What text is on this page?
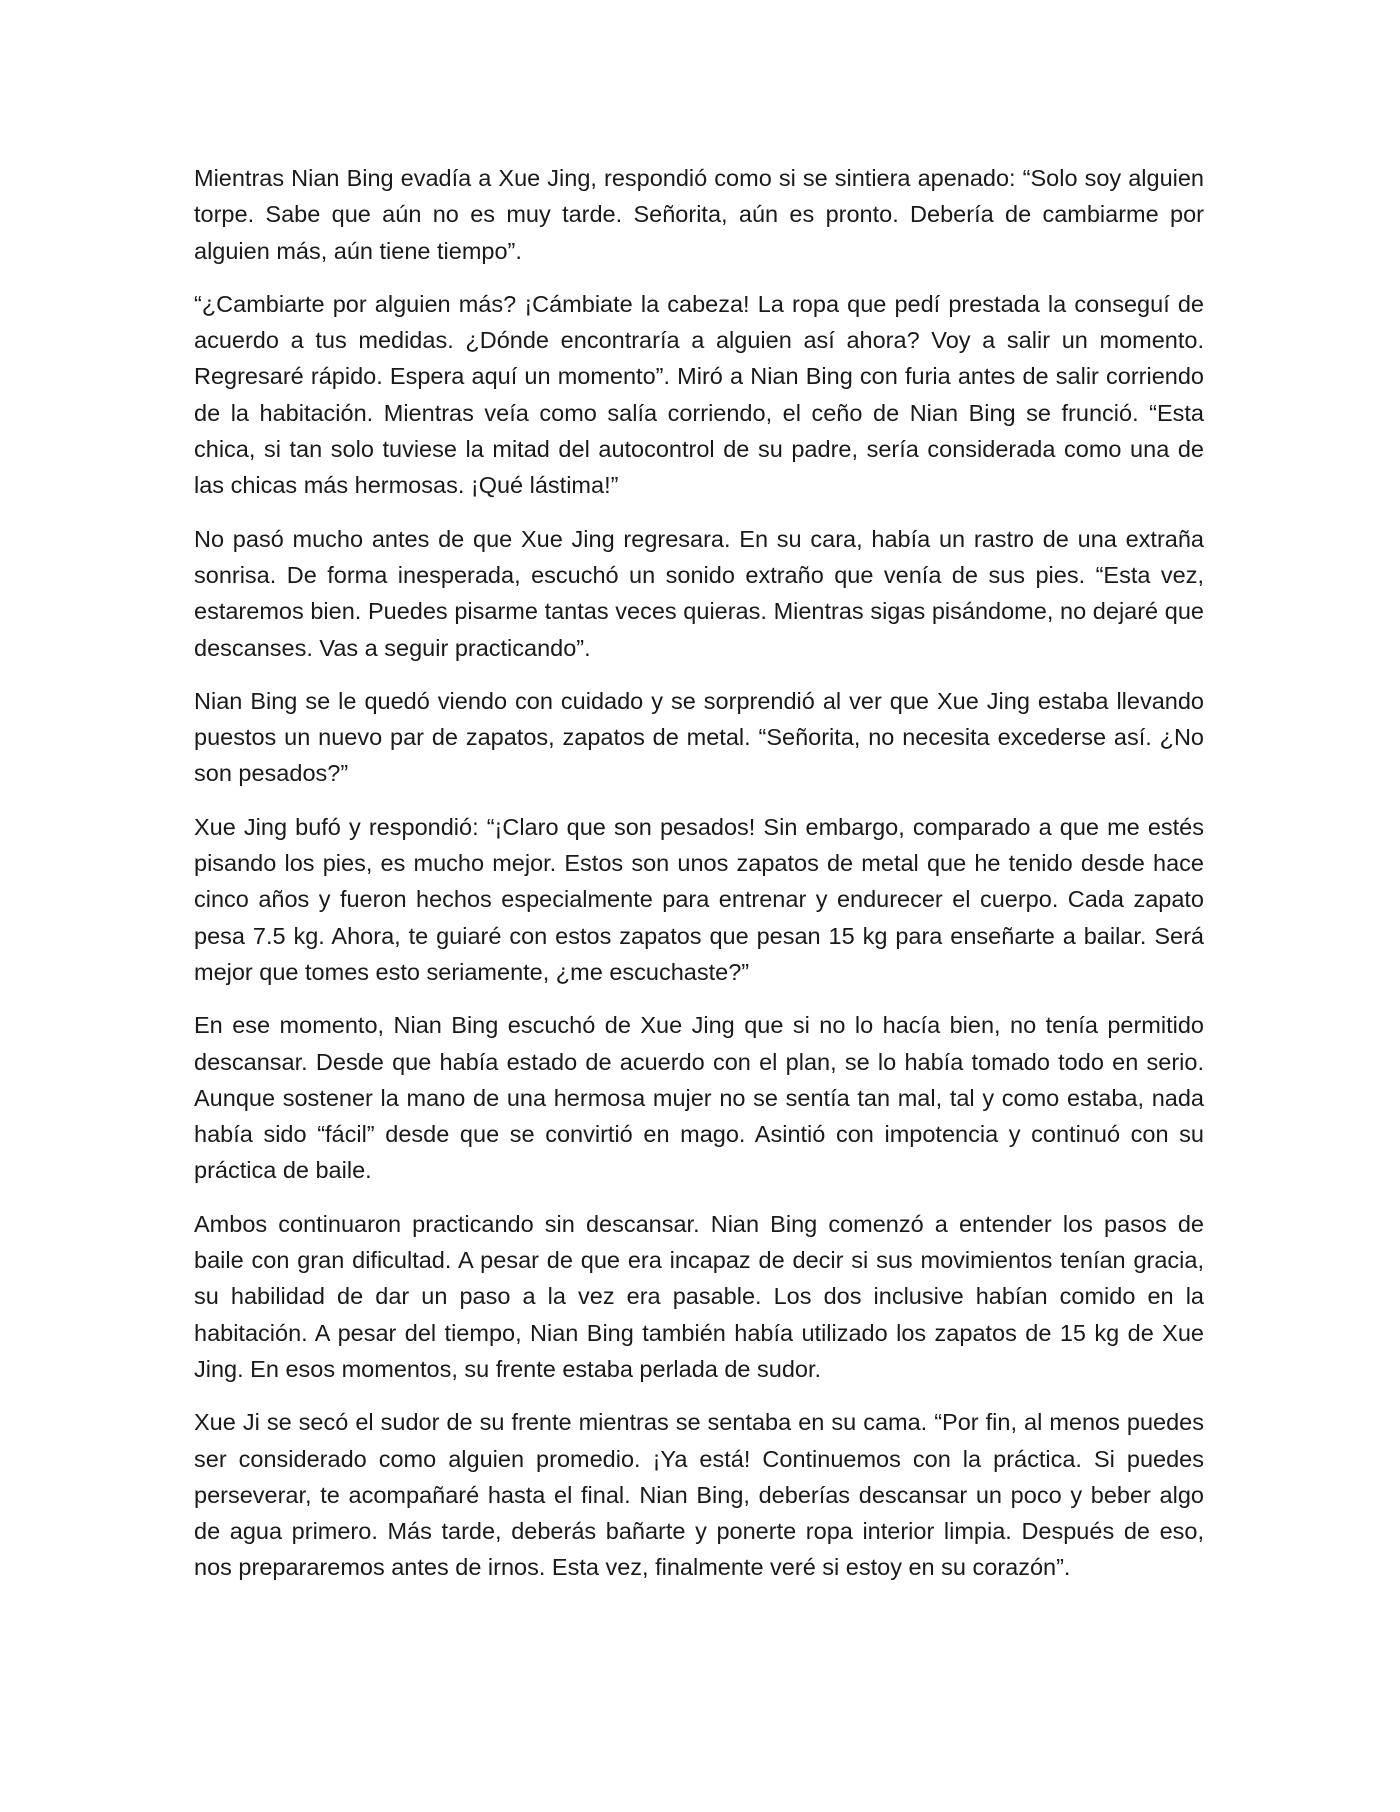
Mientras Nian Bing evadía a Xue Jing, respondió como si se sintiera apenado: “Solo soy alguien torpe. Sabe que aún no es muy tarde. Señorita, aún es pronto. Debería de cambiarme por alguien más, aún tiene tiempo”.

“¿Cambiarte por alguien más? ¡Cámbiate la cabeza! La ropa que pedí prestada la conseguí de acuerdo a tus medidas. ¿Dónde encontraría a alguien así ahora? Voy a salir un momento. Regresaré rápido. Espera aquí un momento”. Miró a Nian Bing con furia antes de salir corriendo de la habitación. Mientras veía como salía corriendo, el ceño de Nian Bing se frunció. “Esta chica, si tan solo tuviese la mitad del autocontrol de su padre, sería considerada como una de las chicas más hermosas. ¡Qué lástima!”

No pasó mucho antes de que Xue Jing regresara. En su cara, había un rastro de una extraña sonrisa. De forma inesperada, escuchó un sonido extraño que venía de sus pies. “Esta vez, estaremos bien. Puedes pisarme tantas veces quieras. Mientras sigas pisándome, no dejaré que descanses. Vas a seguir practicando”.

Nian Bing se le quedó viendo con cuidado y se sorprendió al ver que Xue Jing estaba llevando puestos un nuevo par de zapatos, zapatos de metal. “Señorita, no necesita excederse así. ¿No son pesados?”

Xue Jing bufó y respondió: “¡Claro que son pesados! Sin embargo, comparado a que me estés pisando los pies, es mucho mejor. Estos son unos zapatos de metal que he tenido desde hace cinco años y fueron hechos especialmente para entrenar y endurecer el cuerpo. Cada zapato pesa 7.5 kg. Ahora, te guiaré con estos zapatos que pesan 15 kg para enseñarte a bailar. Será mejor que tomes esto seriamente, ¿me escuchaste?”

En ese momento, Nian Bing escuchó de Xue Jing que si no lo hacía bien, no tenía permitido descansar. Desde que había estado de acuerdo con el plan, se lo había tomado todo en serio. Aunque sostener la mano de una hermosa mujer no se sentía tan mal, tal y como estaba, nada había sido “fácil” desde que se convirtió en mago. Asintió con impotencia y continuó con su práctica de baile.

Ambos continuaron practicando sin descansar. Nian Bing comenzó a entender los pasos de baile con gran dificultad. A pesar de que era incapaz de decir si sus movimientos tenían gracia, su habilidad de dar un paso a la vez era pasable. Los dos inclusive habían comido en la habitación. A pesar del tiempo, Nian Bing también había utilizado los zapatos de 15 kg de Xue Jing. En esos momentos, su frente estaba perlada de sudor.

Xue Ji se secó el sudor de su frente mientras se sentaba en su cama. “Por fin, al menos puedes ser considerado como alguien promedio. ¡Ya está! Continuemos con la práctica. Si puedes perseverar, te acompañaré hasta el final. Nian Bing, deberías descansar un poco y beber algo de agua primero. Más tarde, deberás bañarte y ponerte ropa interior limpia. Después de eso, nos prepararemos antes de irnos. Esta vez, finalmente veré si estoy en su corazón”.
